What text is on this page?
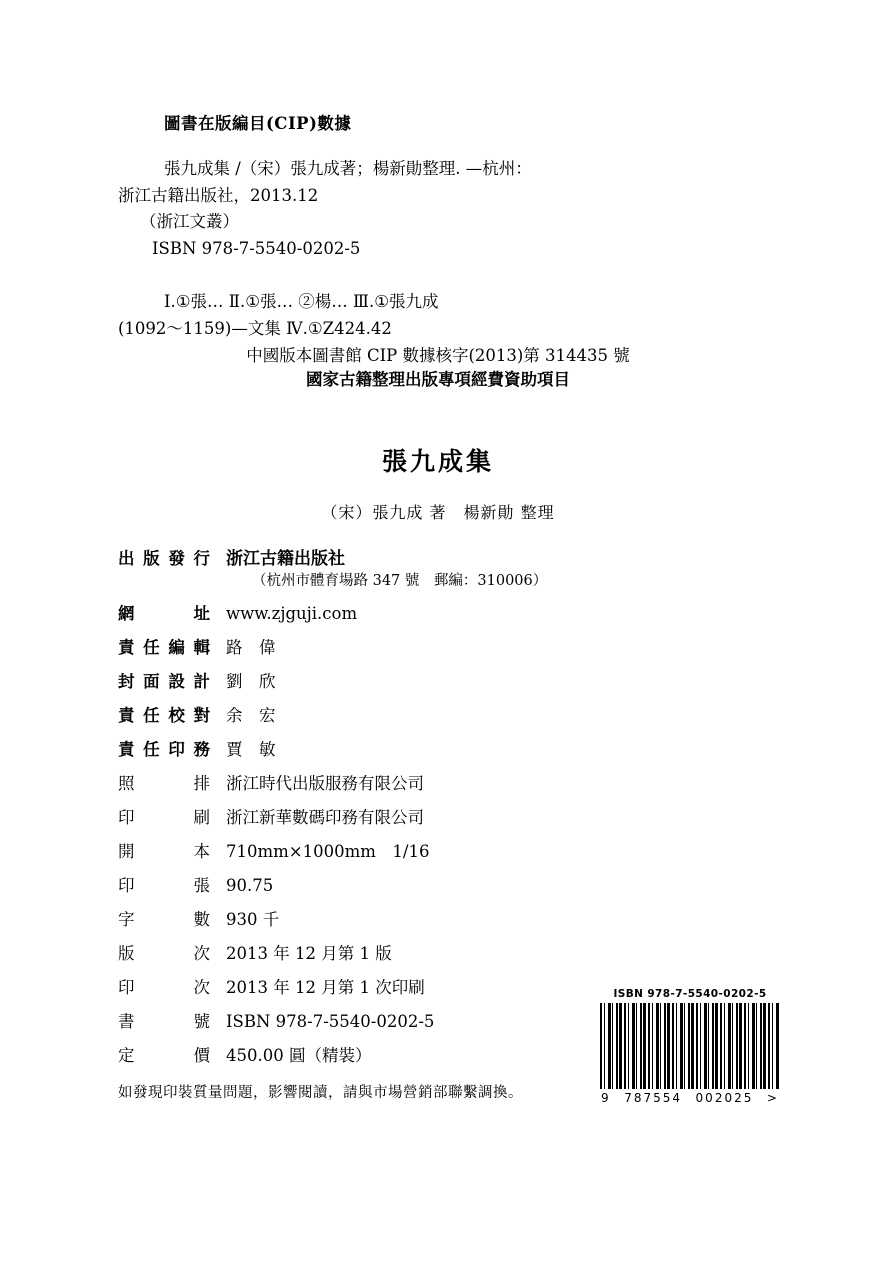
圖書在版編目(CIP)數據

張九成集 /（宋）張九成著；楊新勛整理. —杭州：

浙江古籍出版社，2013.12

（浙江文叢）

ISBN 978-7-5540-0202-5

Ⅰ.①張… Ⅱ.①張… ②楊… Ⅲ.①張九成

(1092～1159)—文集 Ⅳ.①Z424.42

中國版本圖書館 CIP 數據核字(2013)第 314435 號

國家古籍整理出版專項經費資助項目

張九成集
（宋）張九成 著　楊新勛 整理
出 版 發 行	浙江古籍出版社
（杭州市體育場路 347 號　郵編：310006）

網 址	www.zjguji.com

責 任 編 輯	路　偉

封 面 設 計	劉　欣

責 任 校 對	余　宏

責 任 印 務	賈　敏

照 排	浙江時代出版服務有限公司

印 刷	浙江新華數碼印務有限公司

開 本	710mm×1000mm　1/16

印 張	90.75

字 數	930 千

版 次	2013 年 12 月第 1 版

印 次	2013 年 12 月第 1 次印刷

書 號	ISBN 978-7-5540-0202-5

定 價	450.00 圓（精裝）
如發現印裝質量問題，影響閱讀，請與市場營銷部聯繫調換。
ISBN 978-7-5540-0202-5
9 787554 002025 >
